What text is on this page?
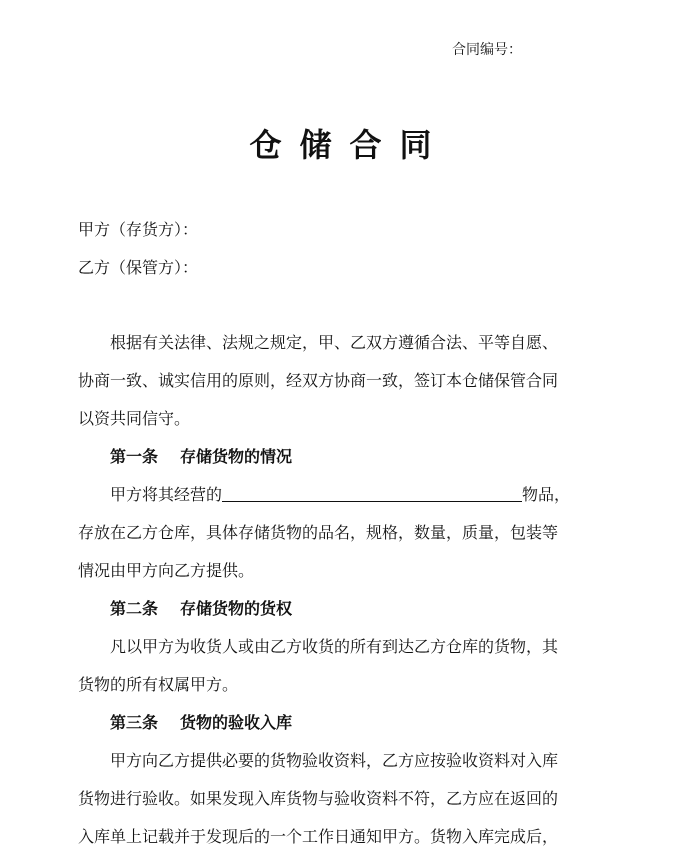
合同编号：
仓储合同
甲方（存货方）：
乙方（保管方）：
根据有关法律、法规之规定，甲、乙双方遵循合法、平等自愿、
协商一致、诚实信用的原则，经双方协商一致，签订本仓储保管合同
以资共同信守。
第一条 存储货物的情况
甲方将其经营的	物品，
存放在乙方仓库，具体存储货物的品名，规格，数量，质量，包装等
情况由甲方向乙方提供。
第二条 存储货物的货权
凡以甲方为收货人或由乙方收货的所有到达乙方仓库的货物，其
货物的所有权属甲方。
第三条 货物的验收入库
甲方向乙方提供必要的货物验收资料，乙方应按验收资料对入库
货物进行验收。如果发现入库货物与验收资料不符，乙方应在返回的
入库单上记载并于发现后的一个工作日通知甲方。货物入库完成后，
